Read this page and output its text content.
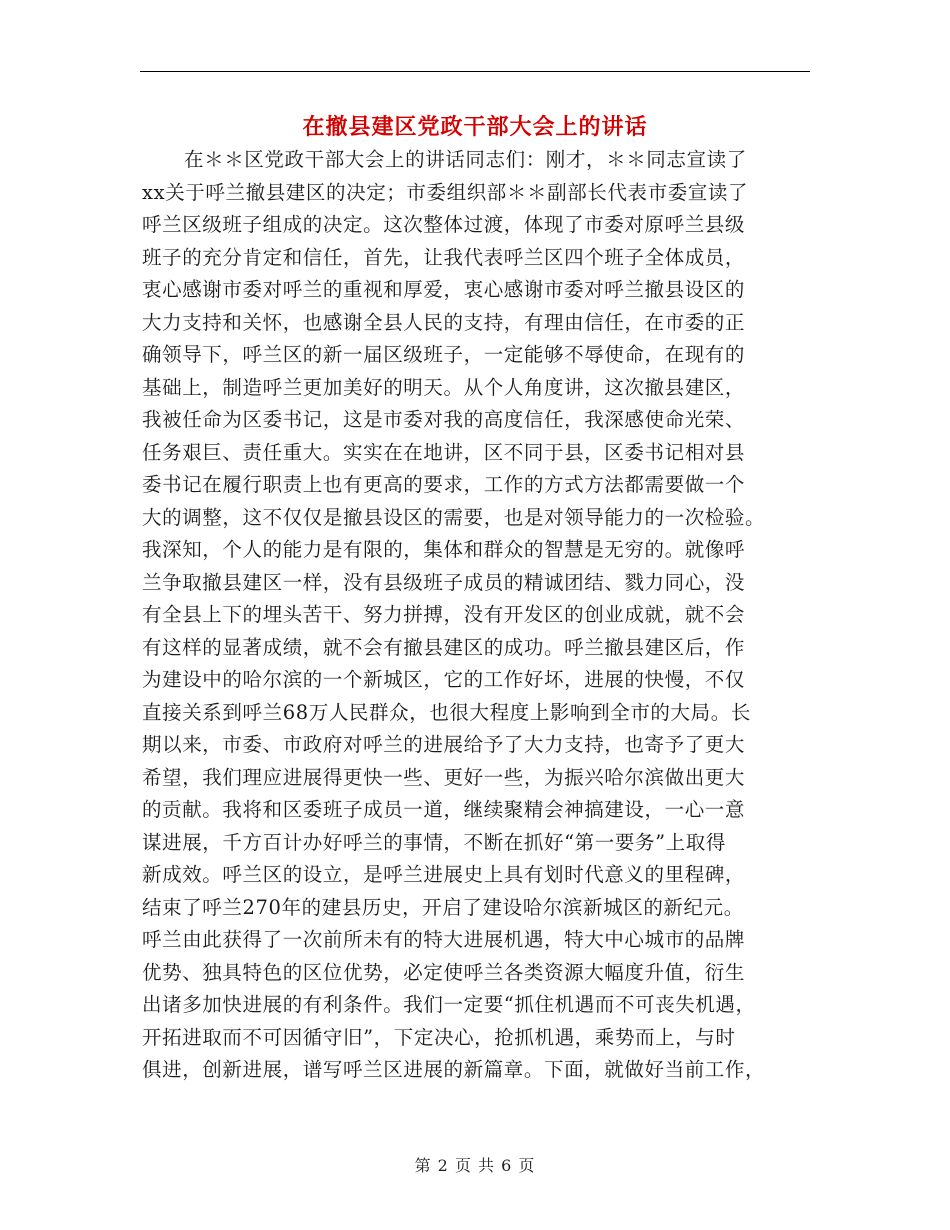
在撤县建区党政干部大会上的讲话
在＊＊区党政干部大会上的讲话同志们：刚才，＊＊同志宣读了
xx关于呼兰撤县建区的决定；市委组织部＊＊副部长代表市委宣读了
呼兰区级班子组成的决定。这次整体过渡，体现了市委对原呼兰县级
班子的充分肯定和信任，首先，让我代表呼兰区四个班子全体成员，
衷心感谢市委对呼兰的重视和厚爱，衷心感谢市委对呼兰撤县设区的
大力支持和关怀，也感谢全县人民的支持，有理由信任，在市委的正
确领导下，呼兰区的新一届区级班子，一定能够不辱使命，在现有的
基础上，制造呼兰更加美好的明天。从个人角度讲，这次撤县建区，
我被任命为区委书记，这是市委对我的高度信任，我深感使命光荣、
任务艰巨、责任重大。实实在在地讲，区不同于县，区委书记相对县
委书记在履行职责上也有更高的要求，工作的方式方法都需要做一个
大的调整，这不仅仅是撤县设区的需要，也是对领导能力的一次检验。
我深知，个人的能力是有限的，集体和群众的智慧是无穷的。就像呼
兰争取撤县建区一样，没有县级班子成员的精诚团结、戮力同心，没
有全县上下的埋头苦干、努力拼搏，没有开发区的创业成就，就不会
有这样的显著成绩，就不会有撤县建区的成功。呼兰撤县建区后，作
为建设中的哈尔滨的一个新城区，它的工作好坏，进展的快慢，不仅
直接关系到呼兰68万人民群众，也很大程度上影响到全市的大局。长
期以来，市委、市政府对呼兰的进展给予了大力支持，也寄予了更大
希望，我们理应进展得更快一些、更好一些，为振兴哈尔滨做出更大
的贡献。我将和区委班子成员一道，继续聚精会神搞建设，一心一意
谋进展，千方百计办好呼兰的事情，不断在抓好“第一要务”上取得
新成效。呼兰区的设立，是呼兰进展史上具有划时代意义的里程碑，
结束了呼兰270年的建县历史，开启了建设哈尔滨新城区的新纪元。
呼兰由此获得了一次前所未有的特大进展机遇，特大中心城市的品牌
优势、独具特色的区位优势，必定使呼兰各类资源大幅度升值，衍生
出诸多加快进展的有利条件。我们一定要“抓住机遇而不可丧失机遇，
开拓进取而不可因循守旧”，下定决心，抢抓机遇，乘势而上，与时
俱进，创新进展，谱写呼兰区进展的新篇章。下面，就做好当前工作，
第 2 页 共 6 页
